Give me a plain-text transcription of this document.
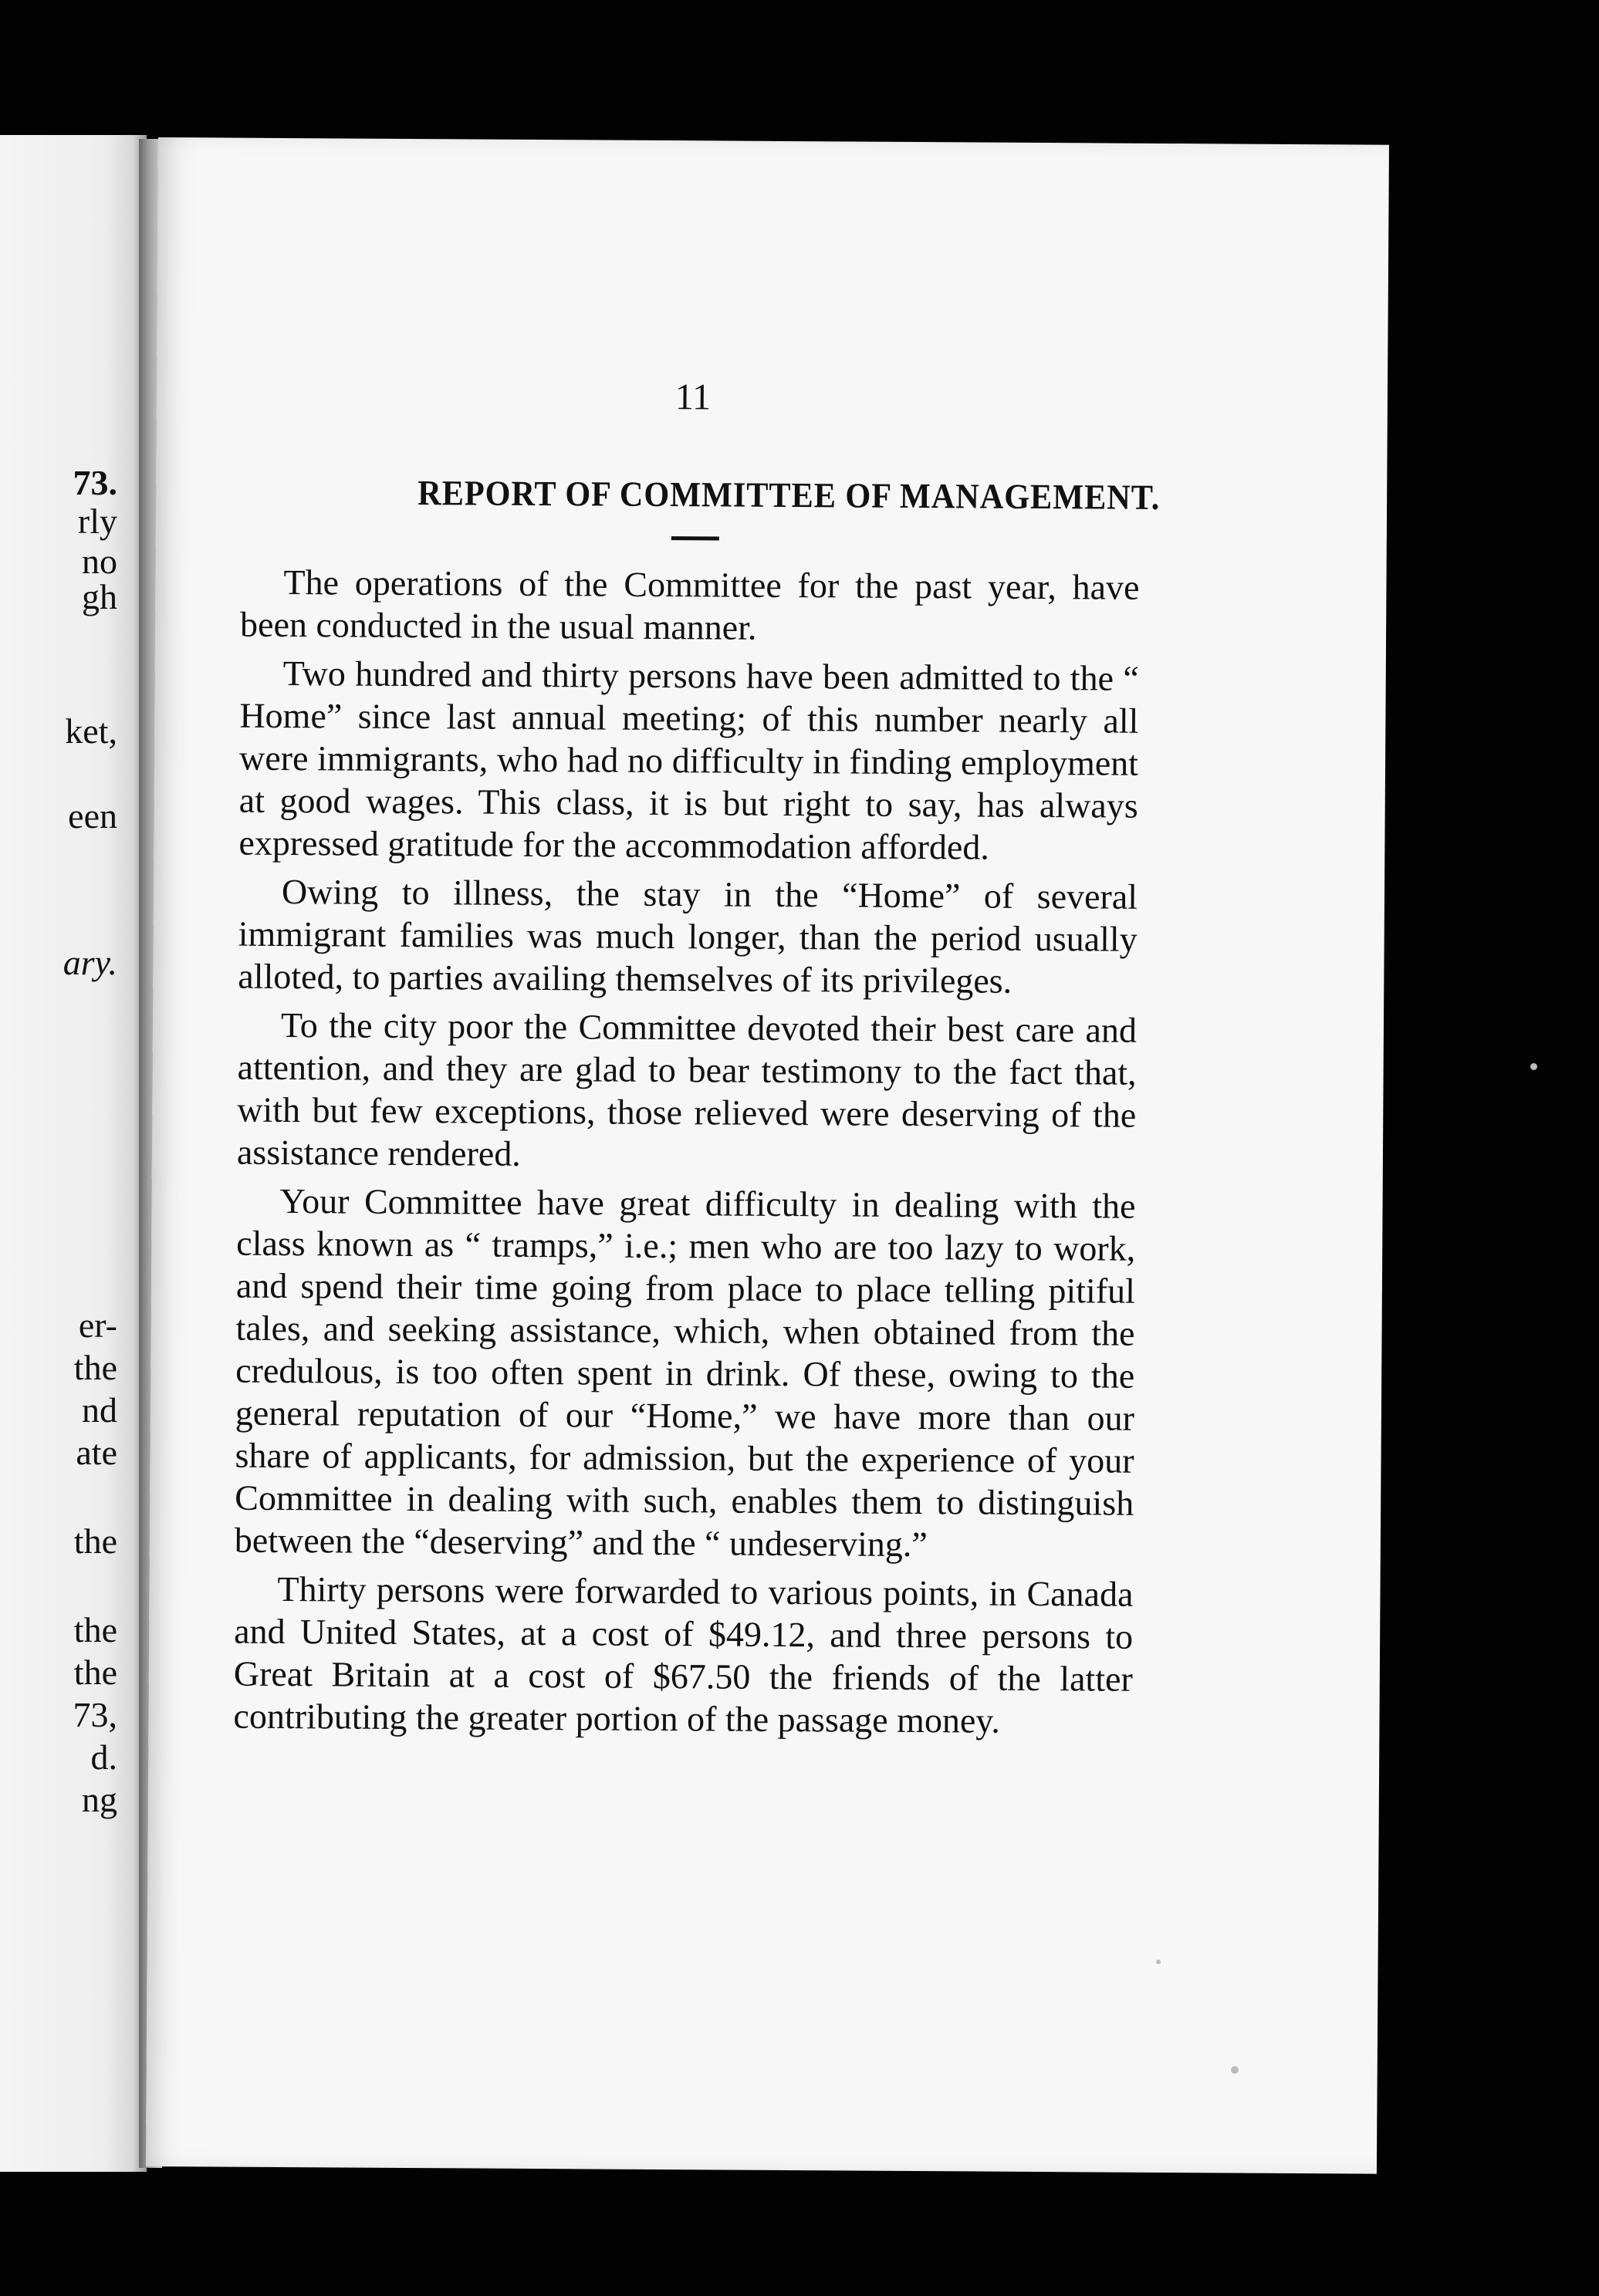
73.

rly

no

gh

ket,

een

ary.

er-

the

nd

ate

the

the

the

73,

d.

ng

11

REPORT OF COMMITTEE OF MANAGEMENT.

The operations of the Committee for the past year, have been conducted in the usual manner.

Two hundred and thirty persons have been admitted to the “ Home” since last annual meeting; of this number nearly all were immigrants, who had no difficulty in finding employment at good wages. This class, it is but right to say, has always expressed gratitude for the accommodation afforded.

Owing to illness, the stay in the “Home” of several immigrant families was much longer, than the period usually alloted, to parties availing themselves of its privileges.

To the city poor the Committee devoted their best care and attention, and they are glad to bear testimony to the fact that, with but few exceptions, those relieved were deserving of the assistance rendered.

Your Committee have great difficulty in dealing with the class known as “ tramps,” i.e.; men who are too lazy to work, and spend their time going from place to place telling pitiful tales, and seeking assistance, which, when obtained from the credulous, is too often spent in drink. Of these, owing to the general reputation of our “Home,” we have more than our share of applicants, for admission, but the experience of your Committee in dealing with such, enables them to distinguish between the “deserving” and the “ undeserving.”

Thirty persons were forwarded to various points, in Canada and United States, at a cost of $49.12, and three persons to Great Britain at a cost of $67.50 the friends of the latter contributing the greater portion of the passage money.
